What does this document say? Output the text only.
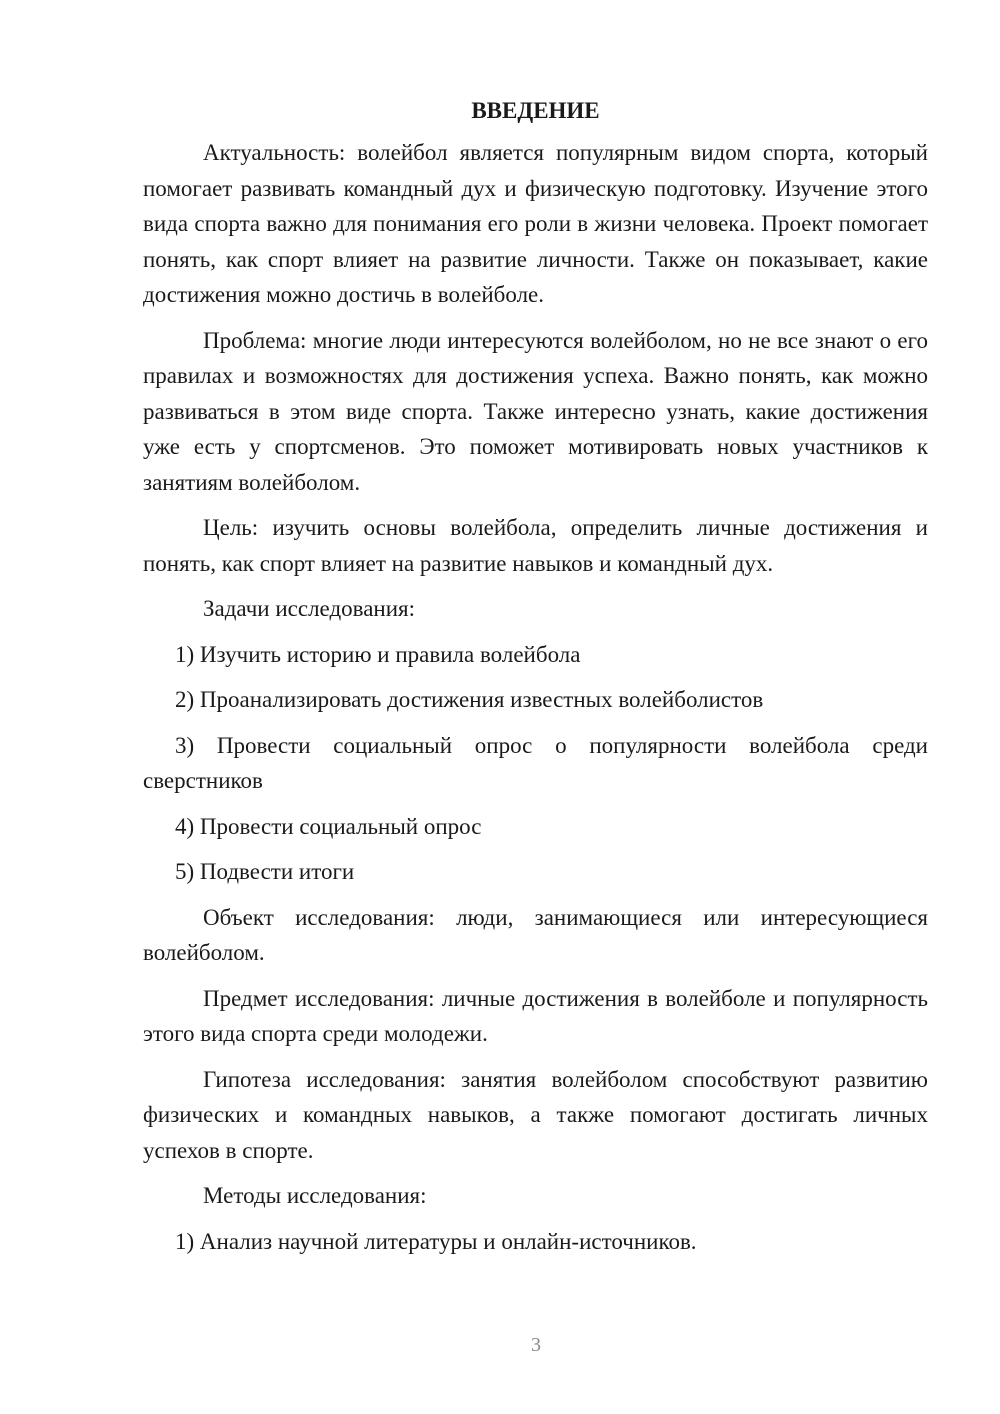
ВВЕДЕНИЕ

Актуальность: волейбол является популярным видом спорта, который помогает развивать командный дух и физическую подготовку. Изучение этого вида спорта важно для понимания его роли в жизни человека. Проект помогает понять, как спорт влияет на развитие личности. Также он показывает, какие достижения можно достичь в волейболе.

Проблема: многие люди интересуются волейболом, но не все знают о его правилах и возможностях для достижения успеха. Важно понять, как можно развиваться в этом виде спорта. Также интересно узнать, какие достижения уже есть у спортсменов. Это поможет мотивировать новых участников к занятиям волейболом.

Цель: изучить основы волейбола, определить личные достижения и понять, как спорт влияет на развитие навыков и командный дух.

Задачи исследования:

1) Изучить историю и правила волейбола

2) Проанализировать достижения известных волейболистов

3) Провести социальный опрос о популярности волейбола среди сверстников

4) Провести социальный опрос

5) Подвести итоги

Объект исследования: люди, занимающиеся или интересующиеся волейболом.

Предмет исследования: личные достижения в волейболе и популярность этого вида спорта среди молодежи.

Гипотеза исследования: занятия волейболом способствуют развитию физических и командных навыков, а также помогают достигать личных успехов в спорте.

Методы исследования:

1) Анализ научной литературы и онлайн-источников.

3
